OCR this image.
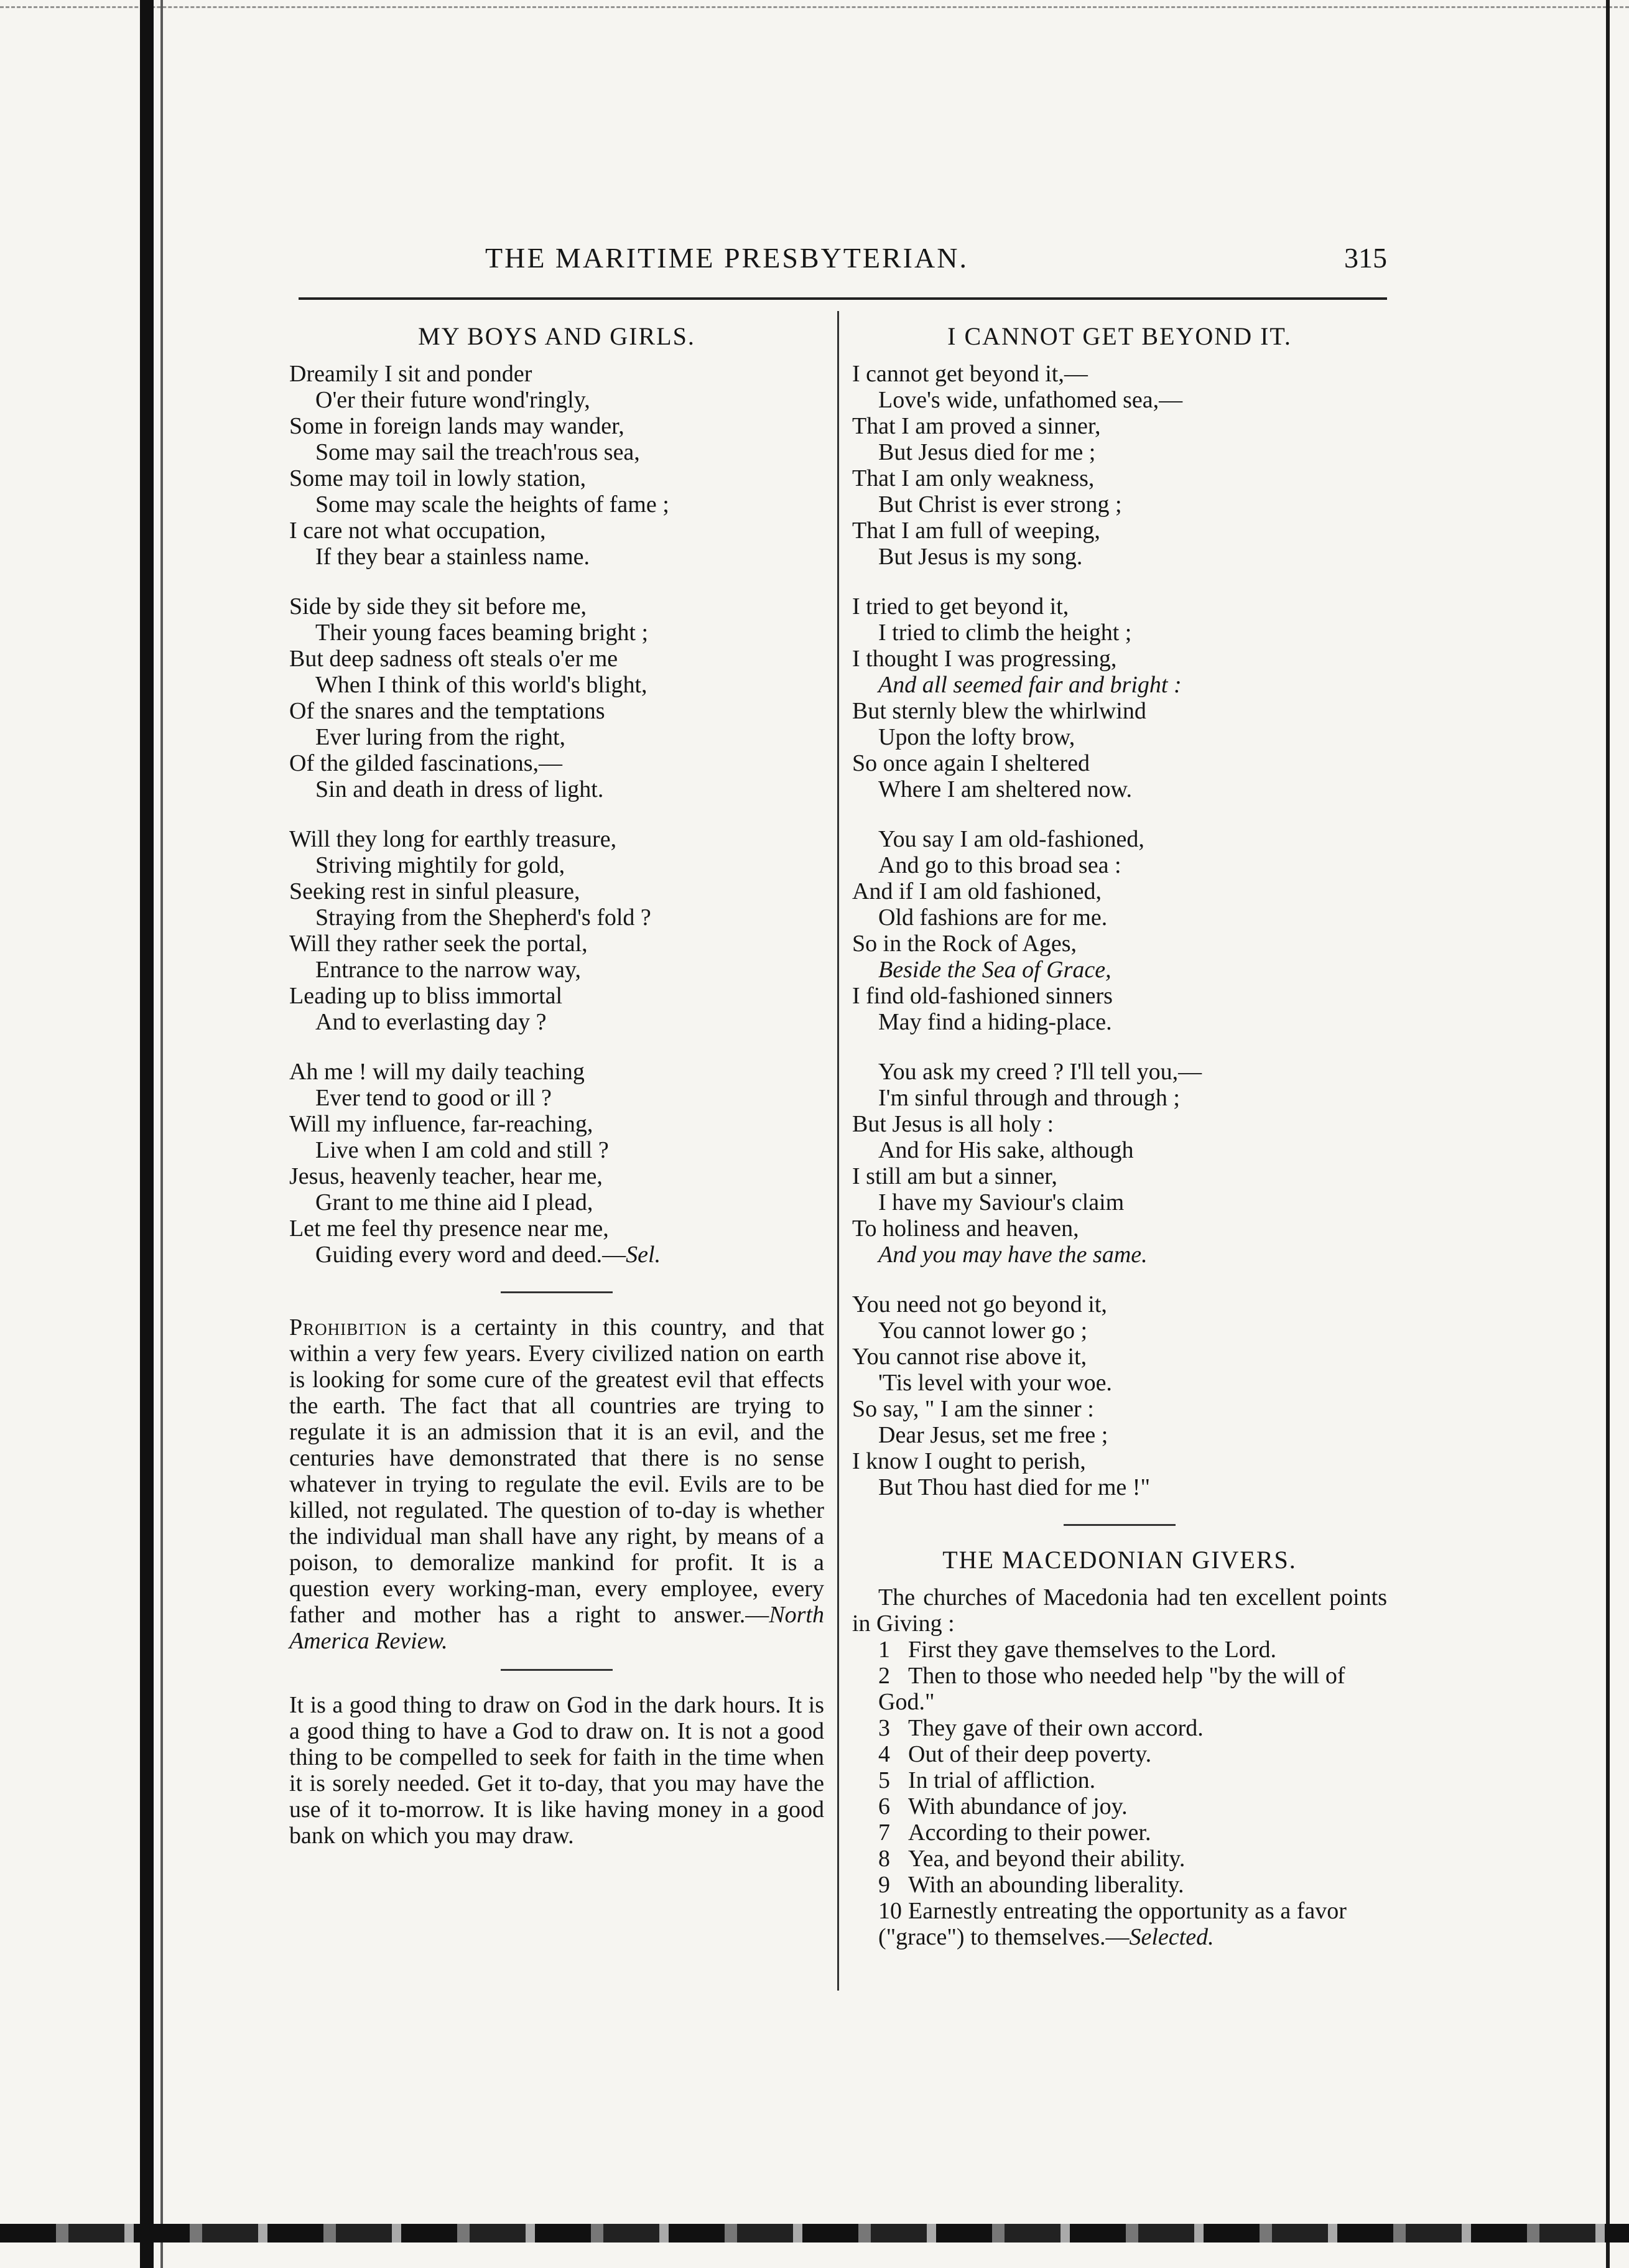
THE MARITIME PRESBYTERIAN.	315
MY BOYS AND GIRLS.
Dreamily I sit and ponder
O'er their future wond'ringly,
Some in foreign lands may wander,
Some may sail the treach'rous sea,
Some may toil in lowly station,
Some may scale the heights of fame ;
I care not what occupation,
If they bear a stainless name.
Side by side they sit before me,
Their young faces beaming bright ;
But deep sadness oft steals o'er me
When I think of this world's blight,
Of the snares and the temptations
Ever luring from the right,
Of the gilded fascinations,—
Sin and death in dress of light.
Will they long for earthly treasure,
Striving mightily for gold,
Seeking rest in sinful pleasure,
Straying from the Shepherd's fold ?
Will they rather seek the portal,
Entrance to the narrow way,
Leading up to bliss immortal
And to everlasting day ?
Ah me ! will my daily teaching
Ever tend to good or ill ?
Will my influence, far-reaching,
Live when I am cold and still ?
Jesus, heavenly teacher, hear me,
Grant to me thine aid I plead,
Let me feel thy presence near me,
Guiding every word and deed.—Sel.

Prohibition is a certainty in this country, and that within a very few years. Every civilized nation on earth is looking for some cure of the greatest evil that effects the earth. The fact that all countries are trying to regulate it is an admission that it is an evil, and the centuries have demonstrated that there is no sense whatever in trying to regulate the evil. Evils are to be killed, not regulated. The question of to-day is whether the individual man shall have any right, by means of a poison, to demoralize mankind for profit. It is a question every working-man, every employee, every father and mother has a right to answer.—North America Review.

It is a good thing to draw on God in the dark hours. It is a good thing to have a God to draw on. It is not a good thing to be compelled to seek for faith in the time when it is sorely needed. Get it to-day, that you may have the use of it to-morrow. It is like having money in a good bank on which you may draw.

I CANNOT GET BEYOND IT.
I cannot get beyond it,—
Love's wide, unfathomed sea,—
That I am proved a sinner,
But Jesus died for me ;
That I am only weakness,
But Christ is ever strong ;
That I am full of weeping,
But Jesus is my song.
I tried to get beyond it,
I tried to climb the height ;
I thought I was progressing,
And all seemed fair and bright :
But sternly blew the whirlwind
Upon the lofty brow,
So once again I sheltered
Where I am sheltered now.
You say I am old-fashioned,
And go to this broad sea :
And if I am old fashioned,
Old fashions are for me.
So in the Rock of Ages,
Beside the Sea of Grace,
I find old-fashioned sinners
May find a hiding-place.
You ask my creed ? I'll tell you,—
I'm sinful through and through ;
But Jesus is all holy :
And for His sake, although
I still am but a sinner,
I have my Saviour's claim
To holiness and heaven,
And you may have the same.
You need not go beyond it,
You cannot lower go ;
You cannot rise above it,
'Tis level with your woe.
So say, " I am the sinner :
Dear Jesus, set me free ;
I know I ought to perish,
But Thou hast died for me !"
THE MACEDONIAN GIVERS.

The churches of Macedonia had ten excellent points in Giving :

1 First they gave themselves to the Lord.
2 Then to those who needed help "by the will of God."
3 They gave of their own accord.
4 Out of their deep poverty.
5 In trial of affliction.
6 With abundance of joy.
7 According to their power.
8 Yea, and beyond their ability.
9 With an abounding liberality.
10 Earnestly entreating the opportunity as a favor ("grace") to themselves.—Selected.
